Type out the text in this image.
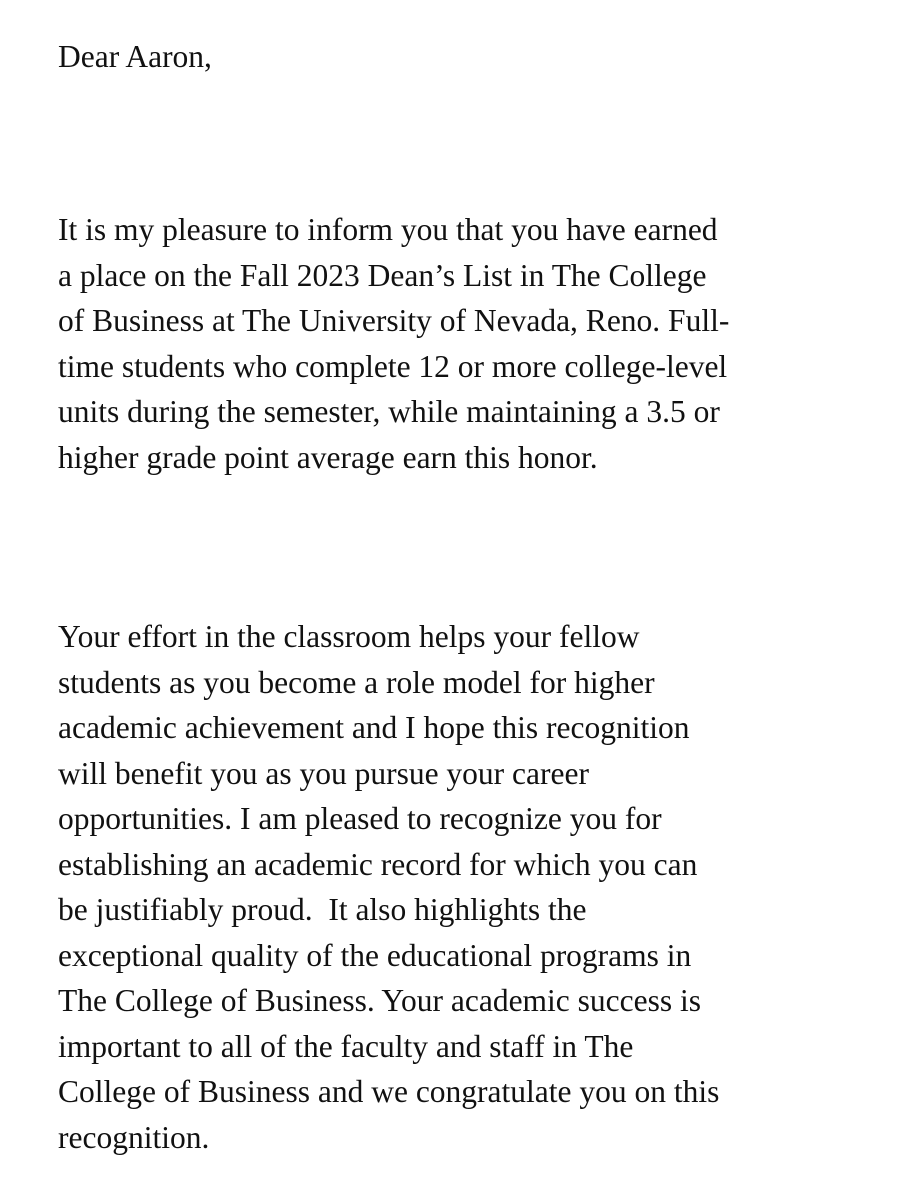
Dear Aaron,
It is my pleasure to inform you that you have earned
a place on the Fall 2023 Dean’s List in The College
of Business at The University of Nevada, Reno. Full-
time students who complete 12 or more college-level
units during the semester, while maintaining a 3.5 or
higher grade point average earn this honor.
Your effort in the classroom helps your fellow
students as you become a role model for higher
academic achievement and I hope this recognition
will benefit you as you pursue your career
opportunities. I am pleased to recognize you for
establishing an academic record for which you can
be justifiably proud.  It also highlights the
exceptional quality of the educational programs in
The College of Business. Your academic success is
important to all of the faculty and staff in The
College of Business and we congratulate you on this
recognition.
